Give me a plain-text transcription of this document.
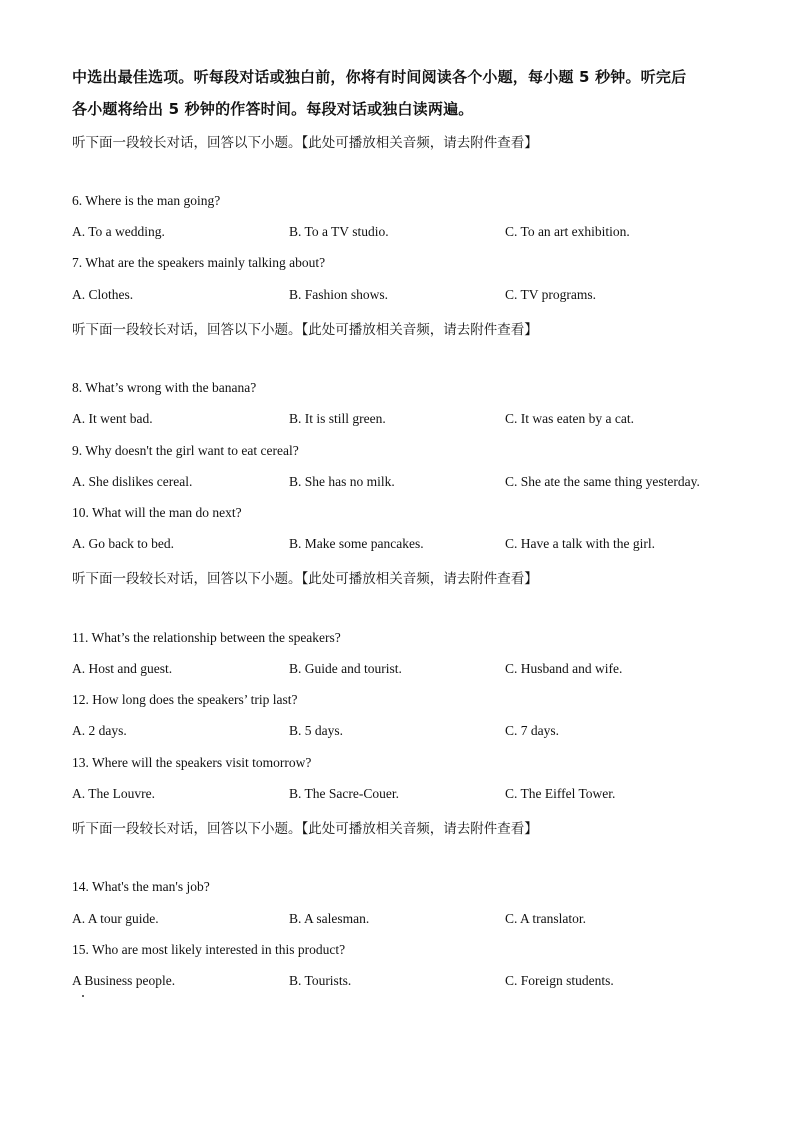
中选出最佳选项。听每段对话或独白前，你将有时间阅读各个小题，每小题 5 秒钟。听完后
各小题将给出 5 秒钟的作答时间。每段对话或独白读两遍。
听下面一段较长对话，回答以下小题。【此处可播放相关音频，请去附件查看】
6. Where is the man going?
A. To a wedding.	B. To a TV studio.	C. To an art exhibition.
7. What are the speakers mainly talking about?
A. Clothes.	B. Fashion shows.	C. TV programs.
听下面一段较长对话，回答以下小题。【此处可播放相关音频，请去附件查看】
8. What’s wrong with the banana?
A. It went bad.	B. It is still green.	C. It was eaten by a cat.
9. Why doesn't the girl want to eat cereal?
A. She dislikes cereal.	B. She has no milk.	C. She ate the same thing yesterday.
10. What will the man do next?
A. Go back to bed.	B. Make some pancakes.	C. Have a talk with the girl.
听下面一段较长对话，回答以下小题。【此处可播放相关音频，请去附件查看】
11. What’s the relationship between the speakers?
A. Host and guest.	B. Guide and tourist.	C. Husband and wife.
12. How long does the speakers’ trip last?
A. 2 days.	B. 5 days.	C. 7 days.
13. Where will the speakers visit tomorrow?
A. The Louvre.	B. The Sacre-Couer.	C. The Eiffel Tower.
听下面一段较长对话，回答以下小题。【此处可播放相关音频，请去附件查看】
14. What's the man's job?
A. A tour guide.	B. A salesman.	C. A translator.
15. Who are most likely interested in this product?
A Business people.	B. Tourists.	C. Foreign students.
